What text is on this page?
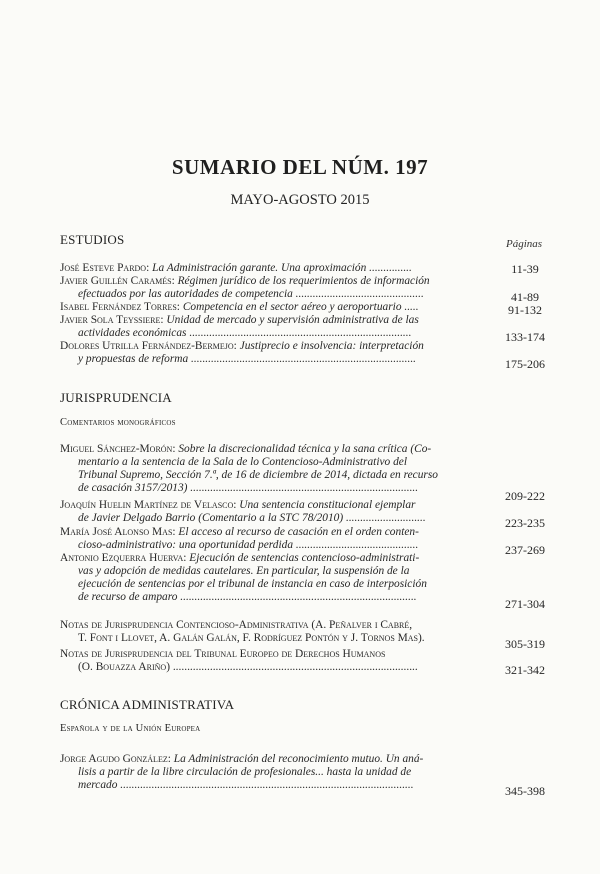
SUMARIO DEL NÚM. 197
MAYO-AGOSTO 2015
ESTUDIOS	Páginas
José Esteve Pardo: La Administración garante. Una aproximación ...............	11-39
Javier Guillén Caramés: Régimen jurídico de los requerimientos de información
efectuados por las autoridades de competencia .............................................	41-89
Isabel Fernández Torres: Competencia en el sector aéreo y aeroportuario .....	91-132
Javier Sola Teyssiere: Unidad de mercado y supervisión administrativa de las
actividades económicas ..............................................................................	133-174
Dolores Utrilla Fernández-Bermejo: Justiprecio e insolvencia: interpretación
y propuestas de reforma ...............................................................................	175-206
JURISPRUDENCIA
Comentarios monográficos
Miguel Sánchez-Morón: Sobre la discrecionalidad técnica y la sana crítica (Co-
mentario a la sentencia de la Sala de lo Contencioso-Administrativo del
Tribunal Supremo, Sección 7.ª, de 16 de diciembre de 2014, dictada en recurso
de casación 3157/2013) ................................................................................
209-222
Joaquín Huelin Martínez de Velasco: Una sentencia constitucional ejemplar
de Javier Delgado Barrio (Comentario a la STC 78/2010) ............................	223-235
María José Alonso Mas: El acceso al recurso de casación en el orden conten-
cioso-administrativo: una oportunidad perdida ...........................................	237-269
Antonio Ezquerra Huerva: Ejecución de sentencias contencioso-administrati-
vas y adopción de medidas cautelares. En particular, la suspensión de la
ejecución de sentencias por el tribunal de instancia en caso de interposición
de recurso de amparo ...................................................................................	271-304
Notas de Jurisprudencia Contencioso-Administrativa (A. Peñalver i Cabré,
T. Font i Llovet, A. Galán Galán, F. Rodríguez Pontón y J. Tornos Mas).	305-319
Notas de Jurisprudencia del Tribunal Europeo de Derechos Humanos
(O. Bouazza Ariño) ......................................................................................	321-342
CRÓNICA ADMINISTRATIVA
Española y de la Unión Europea
Jorge Agudo González: La Administración del reconocimiento mutuo. Un aná-
lisis a partir de la libre circulación de profesionales... hasta la unidad de
mercado .......................................................................................................	345-398
